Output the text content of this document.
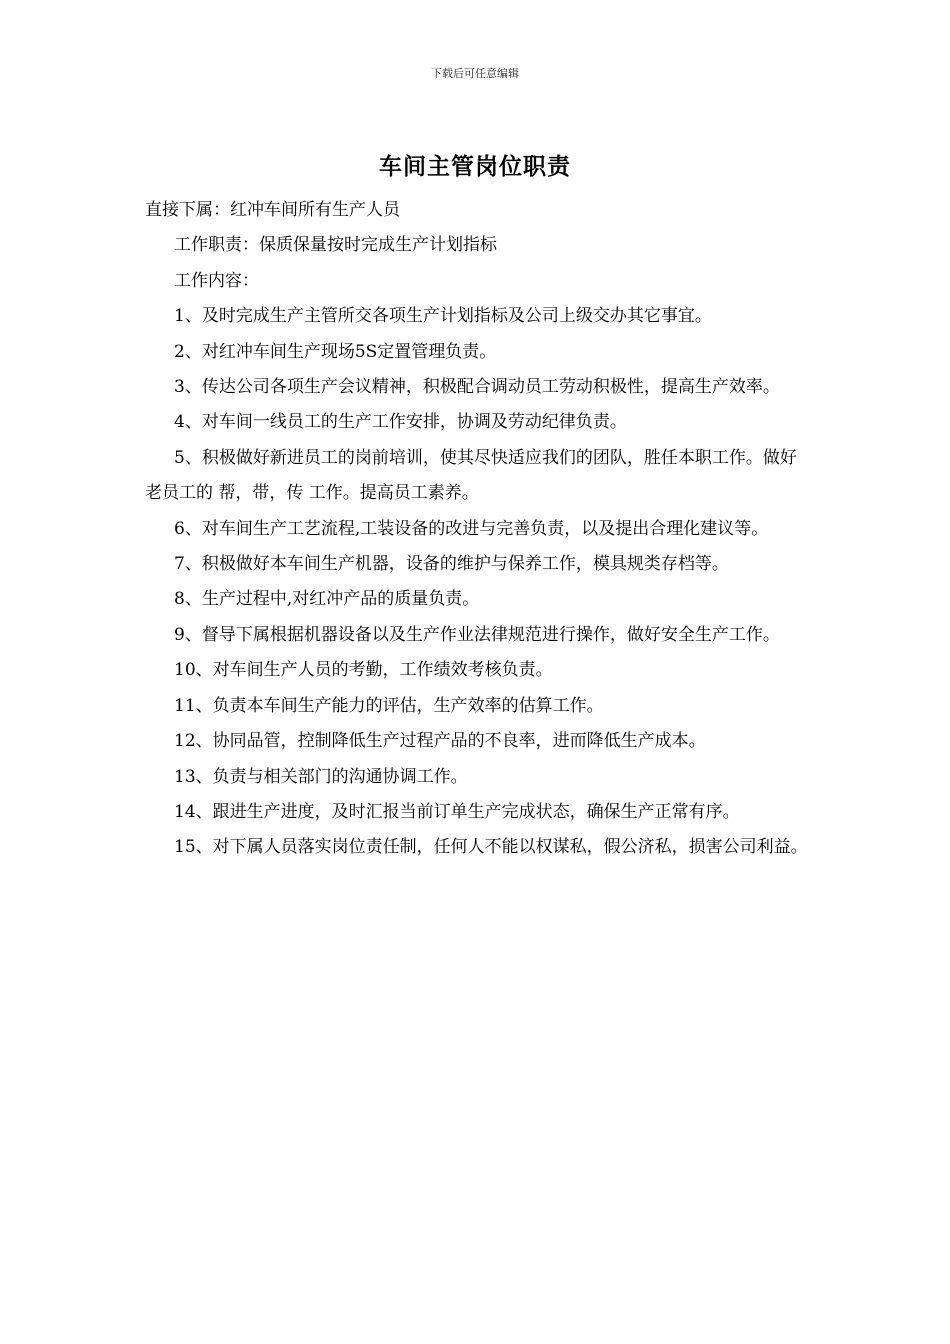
下载后可任意编辑
车间主管岗位职责

直接下属：红冲车间所有生产人员

工作职责：保质保量按时完成生产计划指标

工作内容：

1、及时完成生产主管所交各项生产计划指标及公司上级交办其它事宜。

2、对红冲车间生产现场5S定置管理负责。

3、传达公司各项生产会议精神，积极配合调动员工劳动积极性，提高生产效率。

4、对车间一线员工的生产工作安排，协调及劳动纪律负责。

5、积极做好新进员工的岗前培训，使其尽快适应我们的团队，胜任本职工作。做好老员工的 帮，带，传 工作。提高员工素养。

6、对车间生产工艺流程,工装设备的改进与完善负责，以及提出合理化建议等。

7、积极做好本车间生产机器，设备的维护与保养工作，模具规类存档等。

8、生产过程中,对红冲产品的质量负责。

9、督导下属根据机器设备以及生产作业法律规范进行操作，做好安全生产工作。

10、对车间生产人员的考勤，工作绩效考核负责。

11、负责本车间生产能力的评估，生产效率的估算工作。

12、协同品管，控制降低生产过程产品的不良率，进而降低生产成本。

13、负责与相关部门的沟通协调工作。

14、跟进生产进度，及时汇报当前订单生产完成状态，确保生产正常有序。

15、对下属人员落实岗位责任制，任何人不能以权谋私，假公济私，损害公司利益。
